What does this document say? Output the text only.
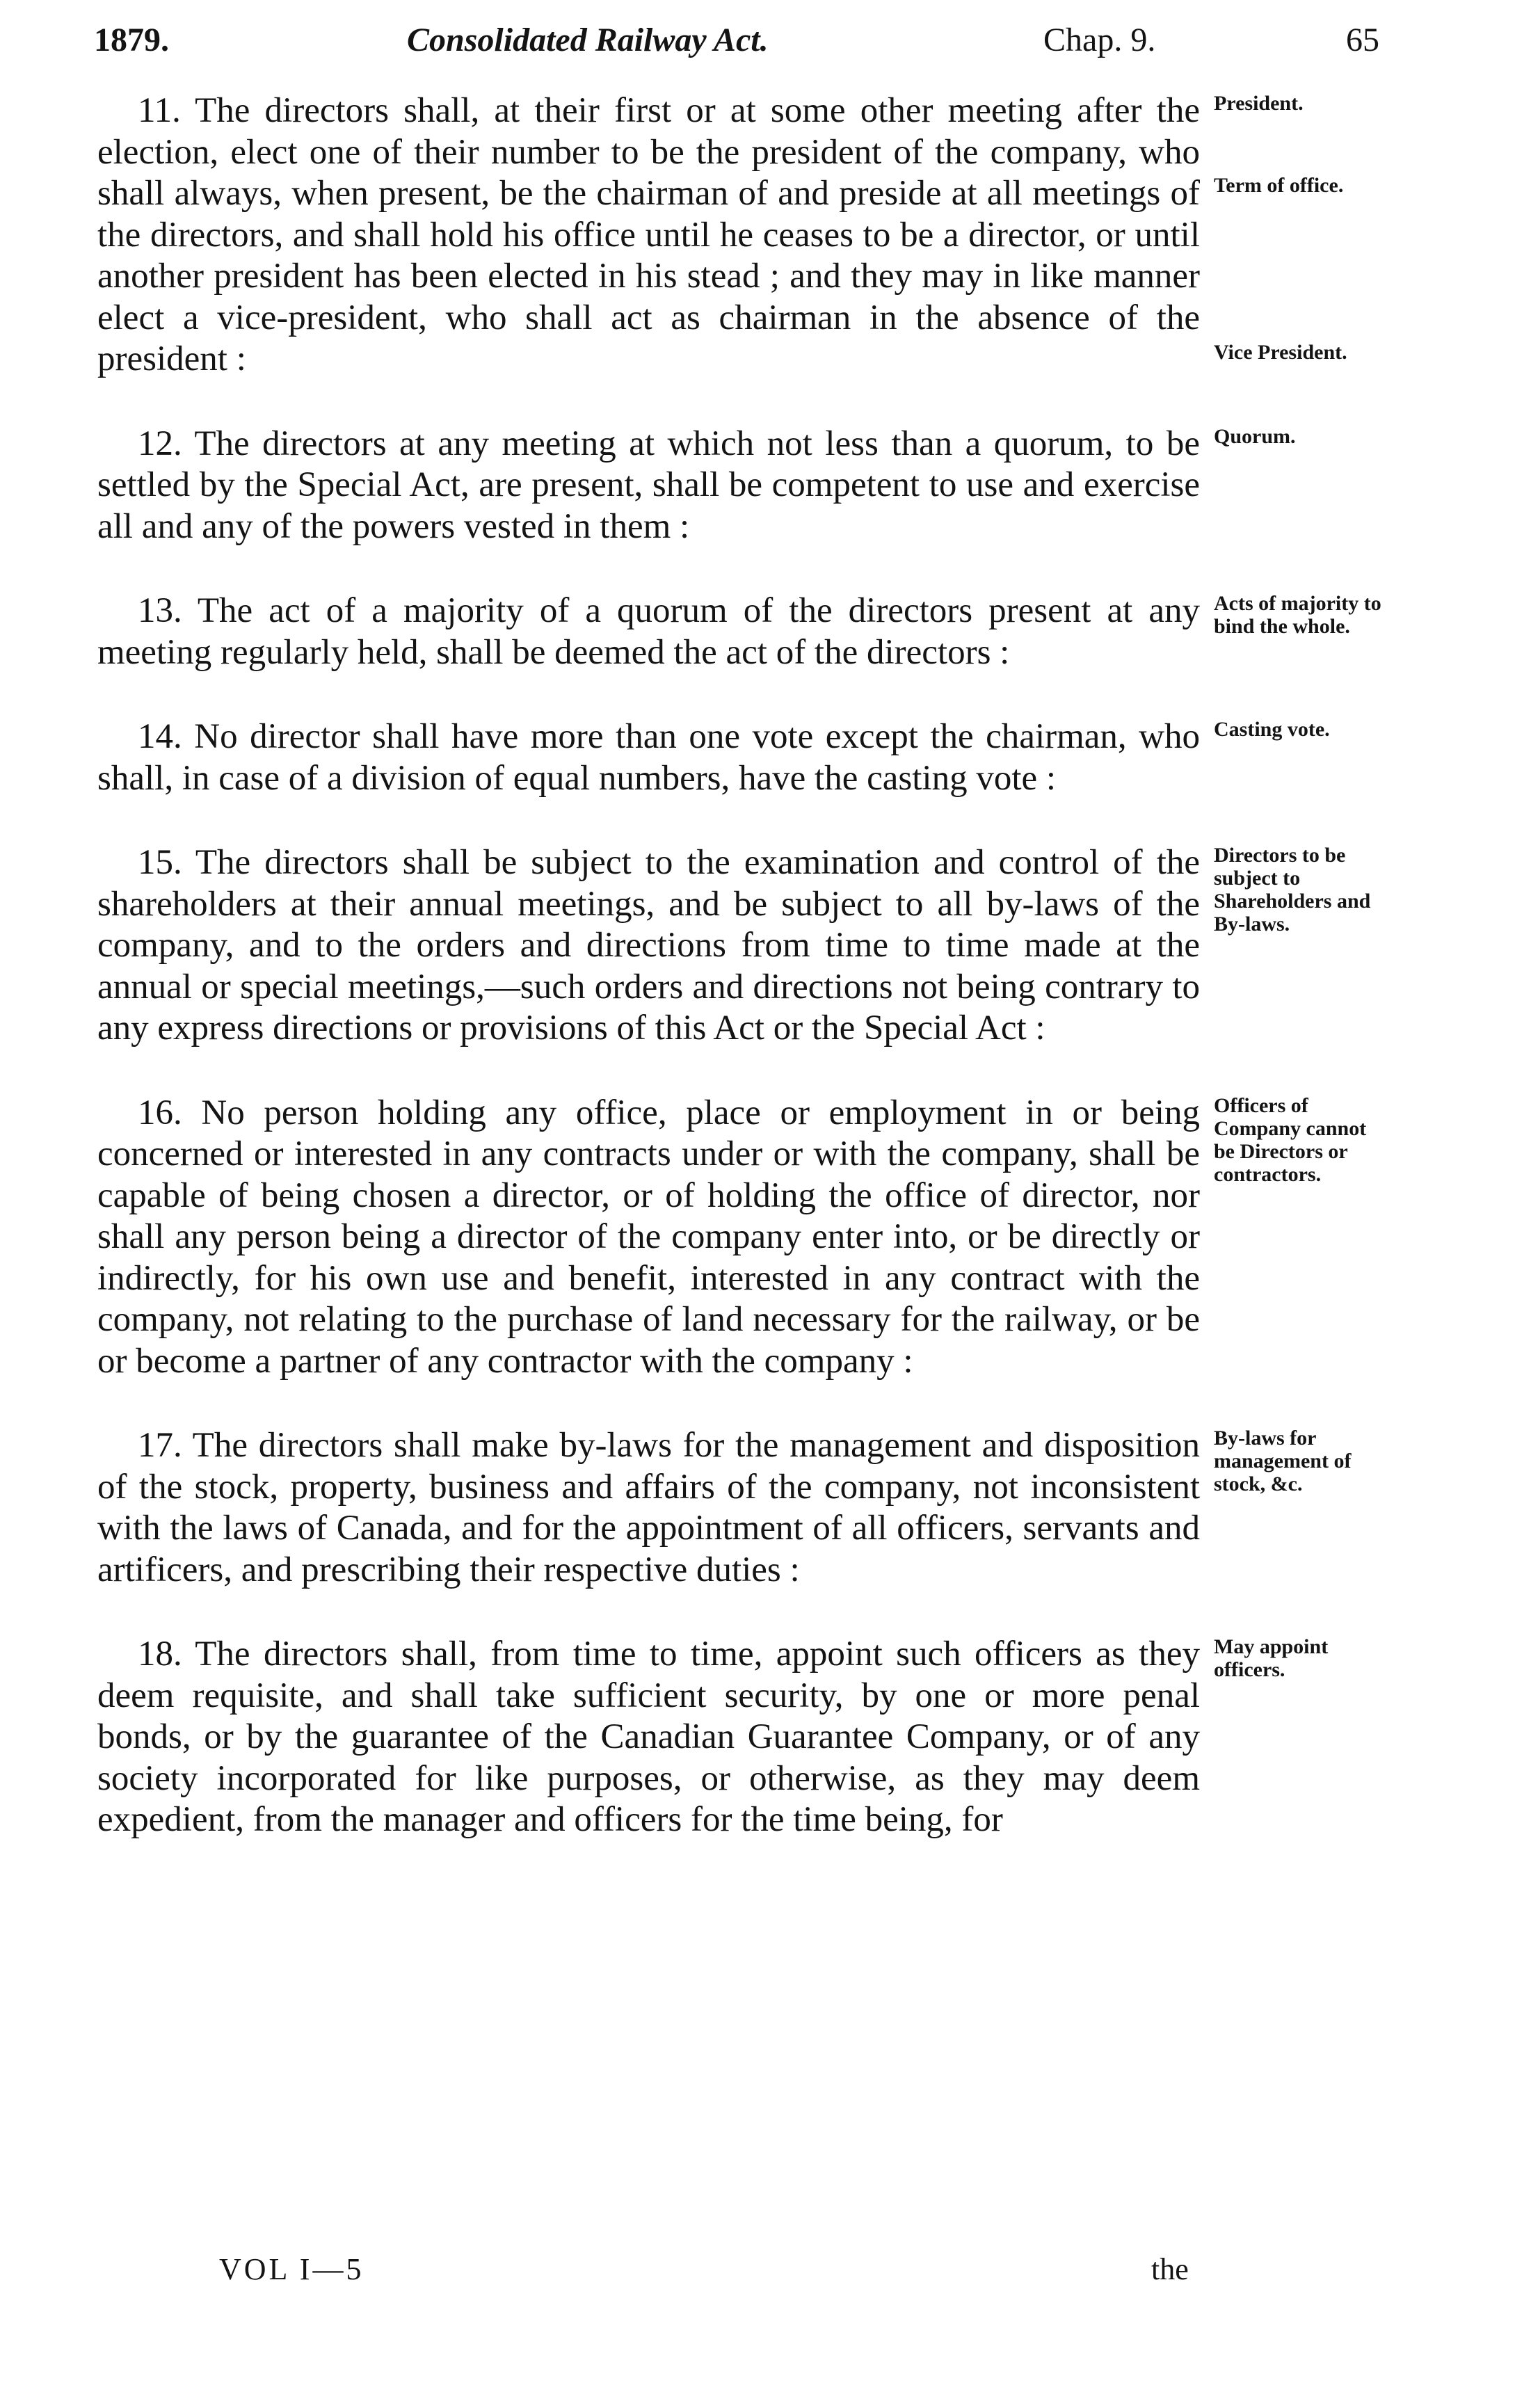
1879.	Consolidated Railway Act.	Chap. 9.	65

11. The directors shall, at their first or at some other meeting after the election, elect one of their number to be the president of the company, who shall always, when present, be the chairman of and preside at all meetings of the directors, and shall hold his office until he ceases to be a director, or until another president has been elected in his stead ; and they may in like manner elect a vice-president, who shall act as chairman in the absence of the president :

President.
Term of office.
Vice President.

12. The directors at any meeting at which not less than a quorum, to be settled by the Special Act, are present, shall be competent to use and exercise all and any of the powers vested in them :

Quorum.

13. The act of a majority of a quorum of the directors present at any meeting regularly held, shall be deemed the act of the directors :

Acts of majority to bind the whole.

14. No director shall have more than one vote except the chairman, who shall, in case of a division of equal numbers, have the casting vote :

Casting vote.

15. The directors shall be subject to the examination and control of the shareholders at their annual meetings, and be subject to all by-laws of the company, and to the orders and directions from time to time made at the annual or special meetings,—such orders and directions not being contrary to any express directions or provisions of this Act or the Special Act :

Directors to be subject to Shareholders and By-laws.

16. No person holding any office, place or employment in or being concerned or interested in any contracts under or with the company, shall be capable of being chosen a director, or of holding the office of director, nor shall any person being a director of the company enter into, or be directly or indirectly, for his own use and benefit, interested in any contract with the company, not relating to the purchase of land necessary for the railway, or be or become a partner of any contractor with the company :

Officers of Company cannot be Directors or contractors.

17. The directors shall make by-laws for the management and disposition of the stock, property, business and affairs of the company, not inconsistent with the laws of Canada, and for the appointment of all officers, servants and artificers, and prescribing their respective duties :

By-laws for management of stock, &c.

18. The directors shall, from time to time, appoint such officers as they deem requisite, and shall take sufficient security, by one or more penal bonds, or by the guarantee of the Canadian Guarantee Company, or of any society incorporated for like purposes, or otherwise, as they may deem expedient, from the manager and officers for the time being, for

May appoint officers.
VOL I—5	the
